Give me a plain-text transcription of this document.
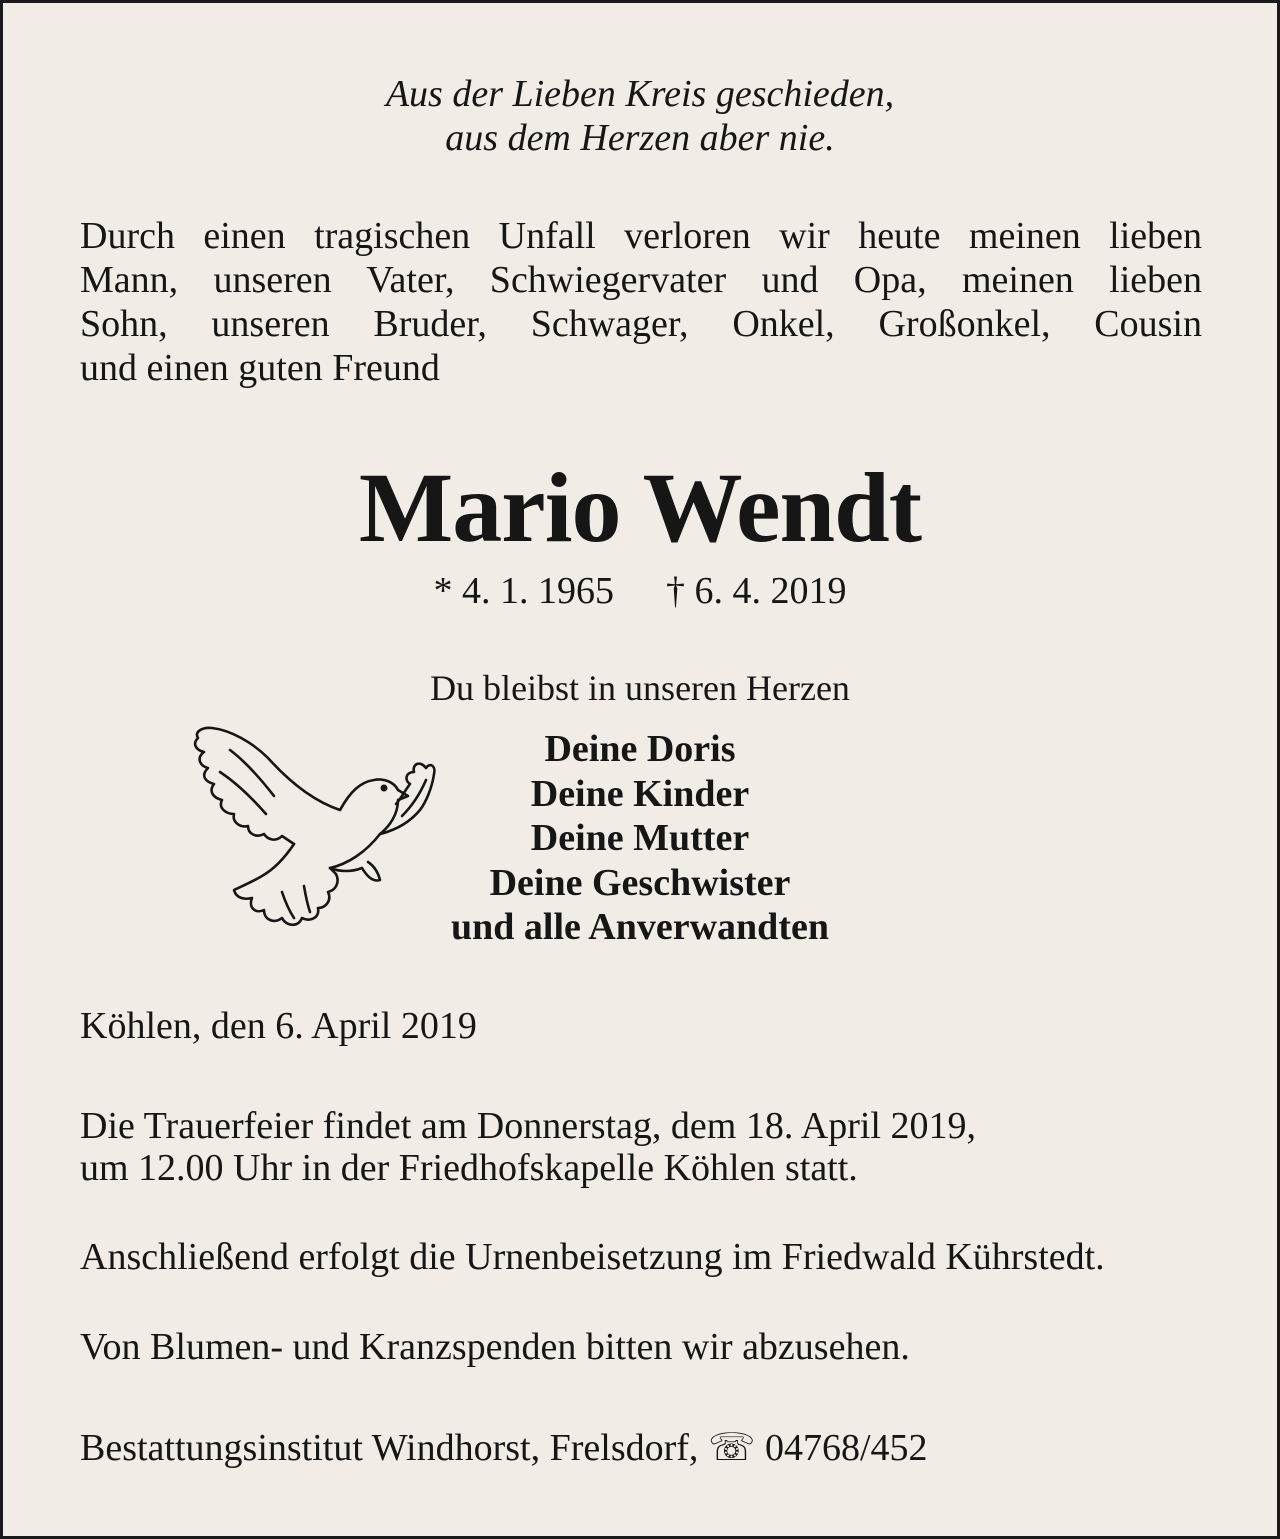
Aus der Lieben Kreis geschieden,

aus dem Herzen aber nie.

Durch einen tragischen Unfall verloren wir heute meinen lieben
Mann, unseren Vater, Schwiegervater und Opa, meinen lieben
Sohn, unseren Bruder, Schwager, Onkel, Großonkel, Cousin
und einen guten Freund
Mario Wendt

* 4. 1. 1965 † 6. 4. 2019

Du bleibst in unseren Herzen

Deine Doris
Deine Kinder
Deine Mutter
Deine Geschwister
und alle Anverwandten

Köhlen, den 6. April 2019

Die Trauerfeier findet am Donnerstag, dem 18. April 2019,

um 12.00 Uhr in der Friedhofskapelle Köhlen statt.

Anschließend erfolgt die Urnenbeisetzung im Friedwald Kührstedt.

Von Blumen- und Kranzspenden bitten wir abzusehen.

Bestattungsinstitut Windhorst, Frelsdorf, ☏ 04768/452
